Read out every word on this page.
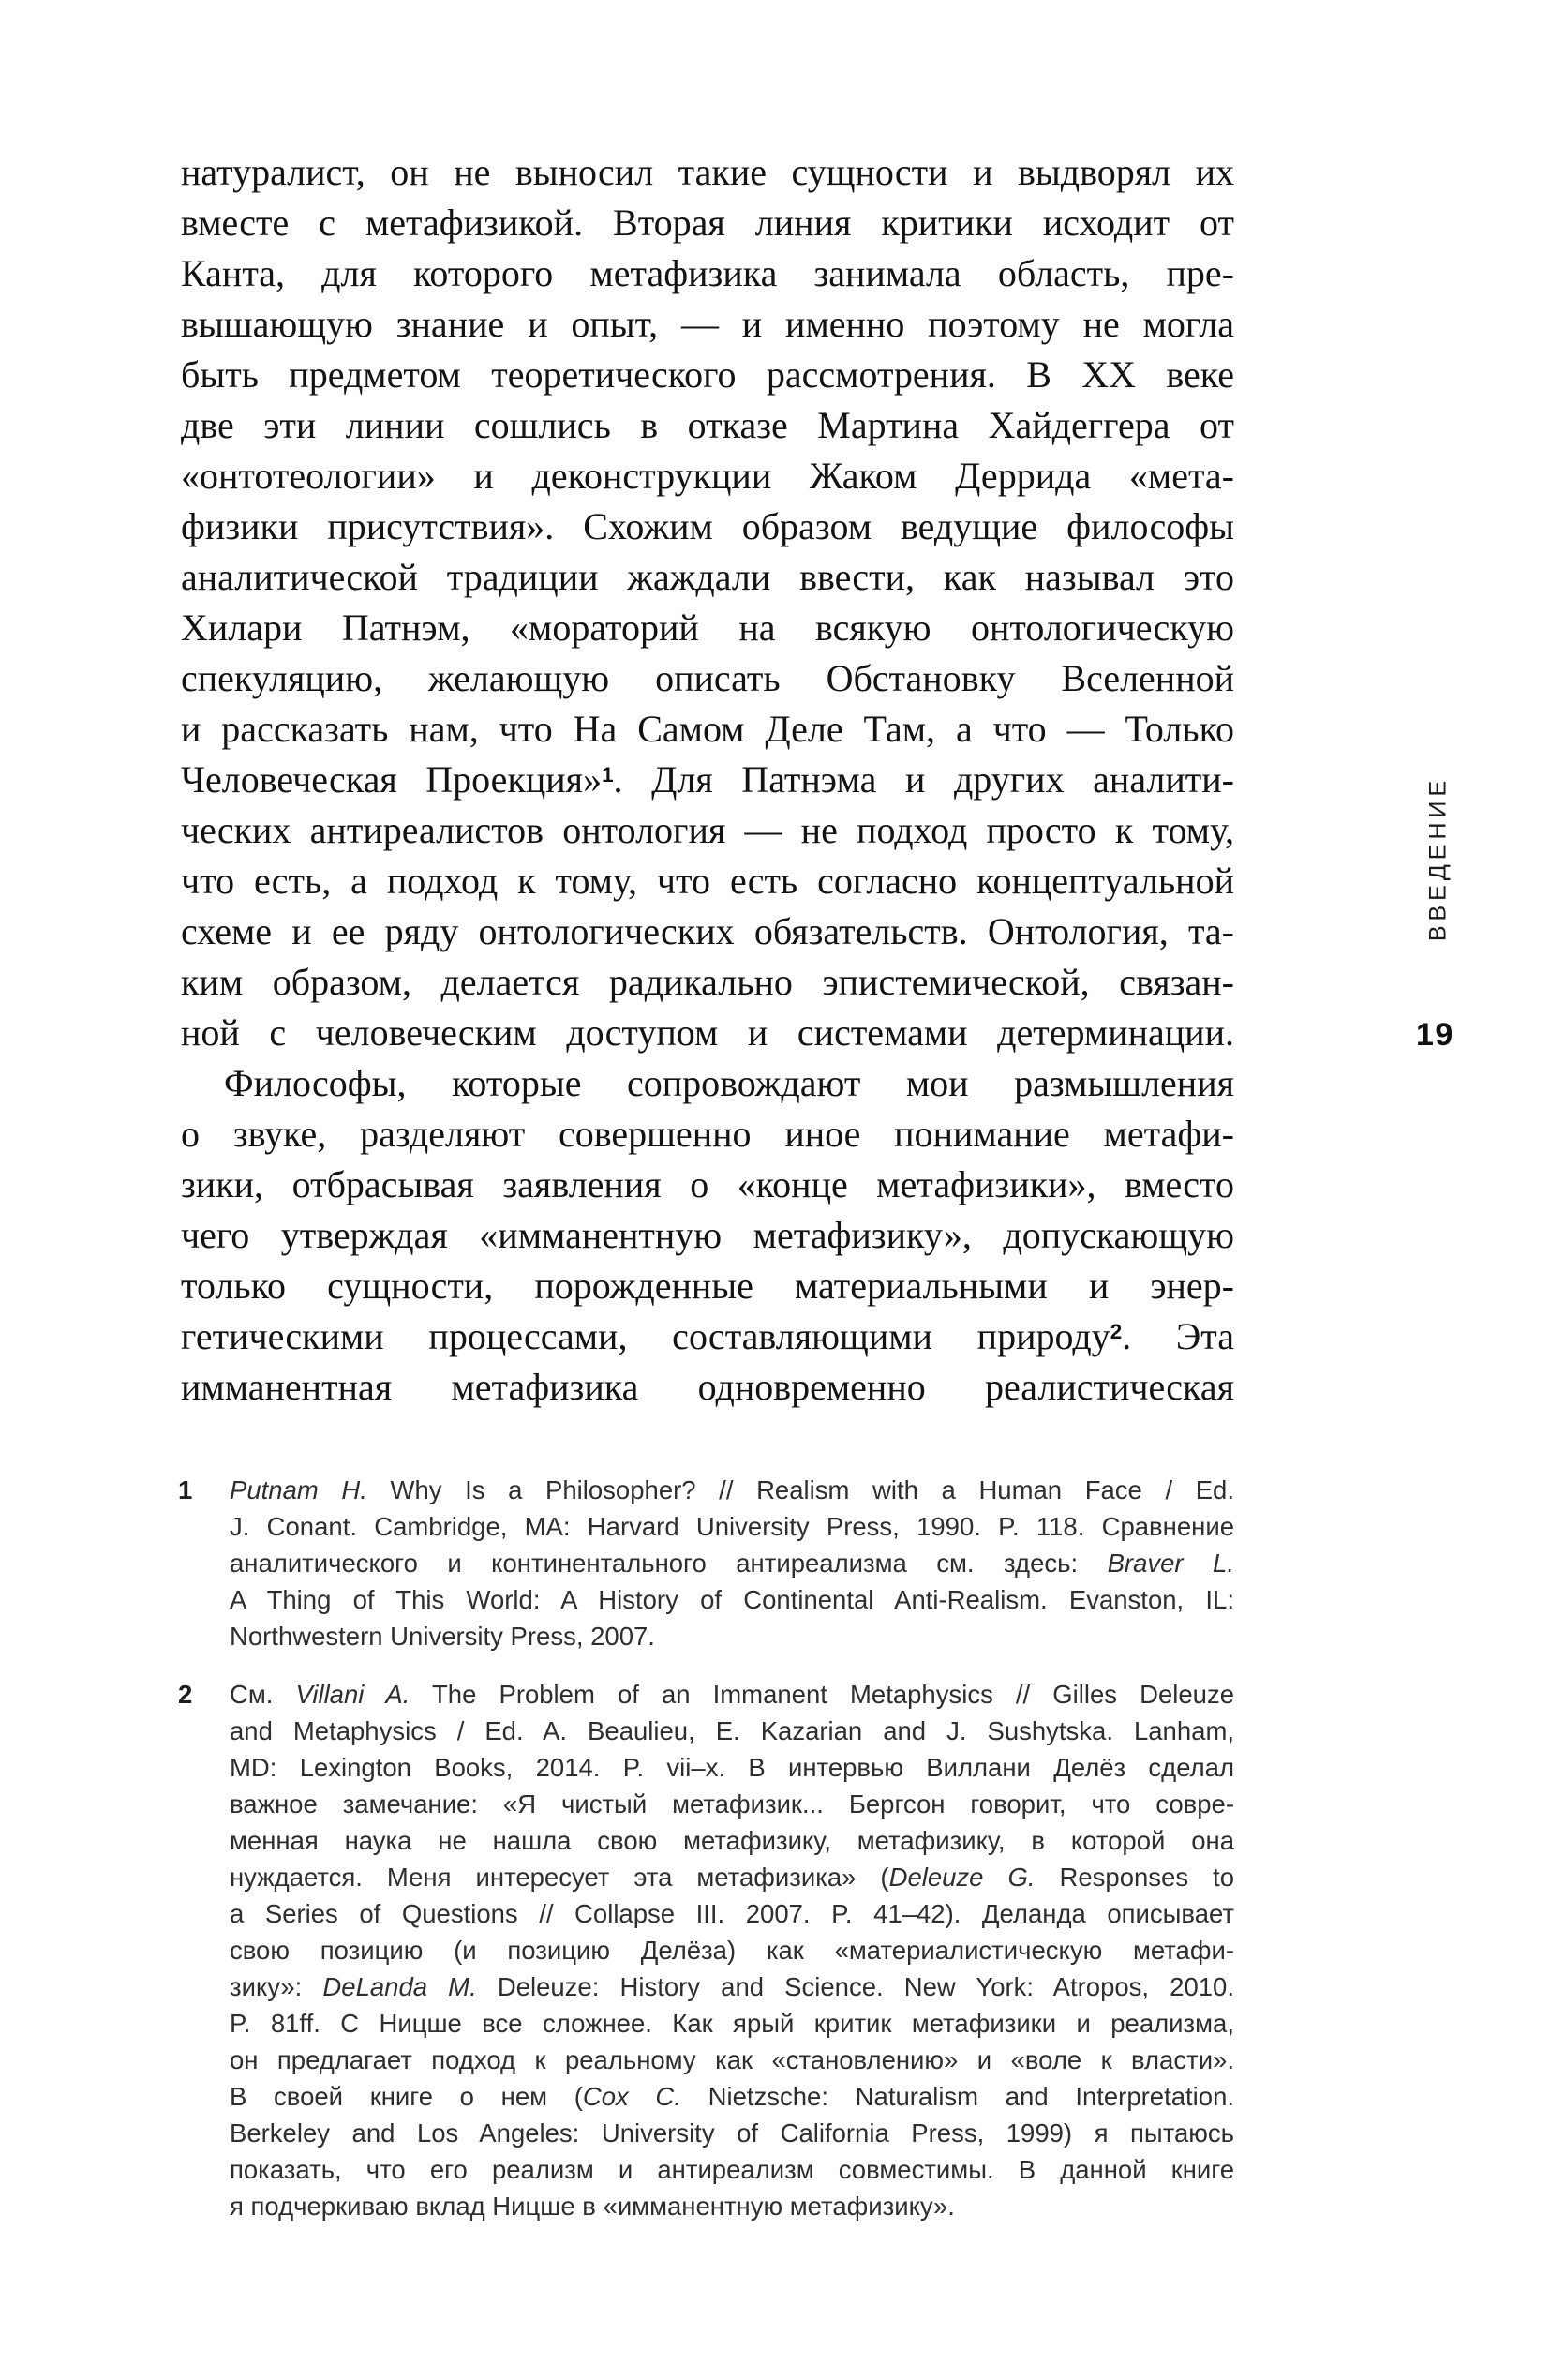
натуралист, он не выносил такие сущности и выдворял их
вместе с метафизикой. Вторая линия критики исходит от
Канта, для которого метафизика занимала область, пре-
вышающую знание и опыт, — и именно поэтому не могла
быть предметом теоретического рассмотрения. В XX веке
две эти линии сошлись в отказе Мартина Хайдеггера от
«онтотеологии» и деконструкции Жаком Деррида «мета-
физики присутствия». Схожим образом ведущие философы
аналитической традиции жаждали ввести, как называл это
Хилари Патнэм, «мораторий на всякую онтологическую
спекуляцию, желающую описать Обстановку Вселенной
и рассказать нам, что На Самом Деле Там, а что — Только
Человеческая Проекция»$^1$. Для Патнэма и других аналити-
ческих антиреалистов онтология — не подход просто к тому,
что есть, а подход к тому, что есть согласно концептуальной
схеме и ее ряду онтологических обязательств. Онтология, та-
ким образом, делается радикально эпистемической, связан-
ной с человеческим доступом и системами детерминации.
Философы, которые сопровождают мои размышления
о звуке, разделяют совершенно иное понимание метафи-
зики, отбрасывая заявления о «конце метафизики», вместо
чего утверждая «имманентную метафизику», допускающую
только сущности, порожденные материальными и энер-
гетическими процессами, составляющими природу$^2$. Эта
имманентная метафизика одновременно реалистическая
ВВЕДЕНИЕ
19
1	Putnam H. Why Is a Philosopher? // Realism with a Human Face / Ed.
J. Conant. Cambridge, MA: Harvard University Press, 1990. P. 118. Сравнение
аналитического и континентального антиреализма см. здесь: Braver L.
A Thing of This World: A History of Continental Anti-Realism. Evanston, IL:
Northwestern University Press, 2007.
2	См. Villani A. The Problem of an Immanent Metaphysics // Gilles Deleuze
and Metaphysics / Ed. A. Beaulieu, E. Kazarian and J. Sushytska. Lanham,
MD: Lexington Books, 2014. P. vii–x. В интервью Виллани Делёз сделал
важное замечание: «Я чистый метафизик... Бергсон говорит, что совре-
менная наука не нашла свою метафизику, метафизику, в которой она
нуждается. Меня интересует эта метафизика» (Deleuze G. Responses to
a Series of Questions // Collapse III. 2007. P. 41–42). Деланда описывает
свою позицию (и позицию Делёза) как «материалистическую метафи-
зику»: DeLanda M. Deleuze: History and Science. New York: Atropos, 2010.
P. 81ff. С Ницше все сложнее. Как ярый критик метафизики и реализма,
он предлагает подход к реальному как «становлению» и «воле к власти».
В своей книге о нем (Cox C. Nietzsche: Naturalism and Interpretation.
Berkeley and Los Angeles: University of California Press, 1999) я пытаюсь
показать, что его реализм и антиреализм совместимы. В данной книге
я подчеркиваю вклад Ницше в «имманентную метафизику».
